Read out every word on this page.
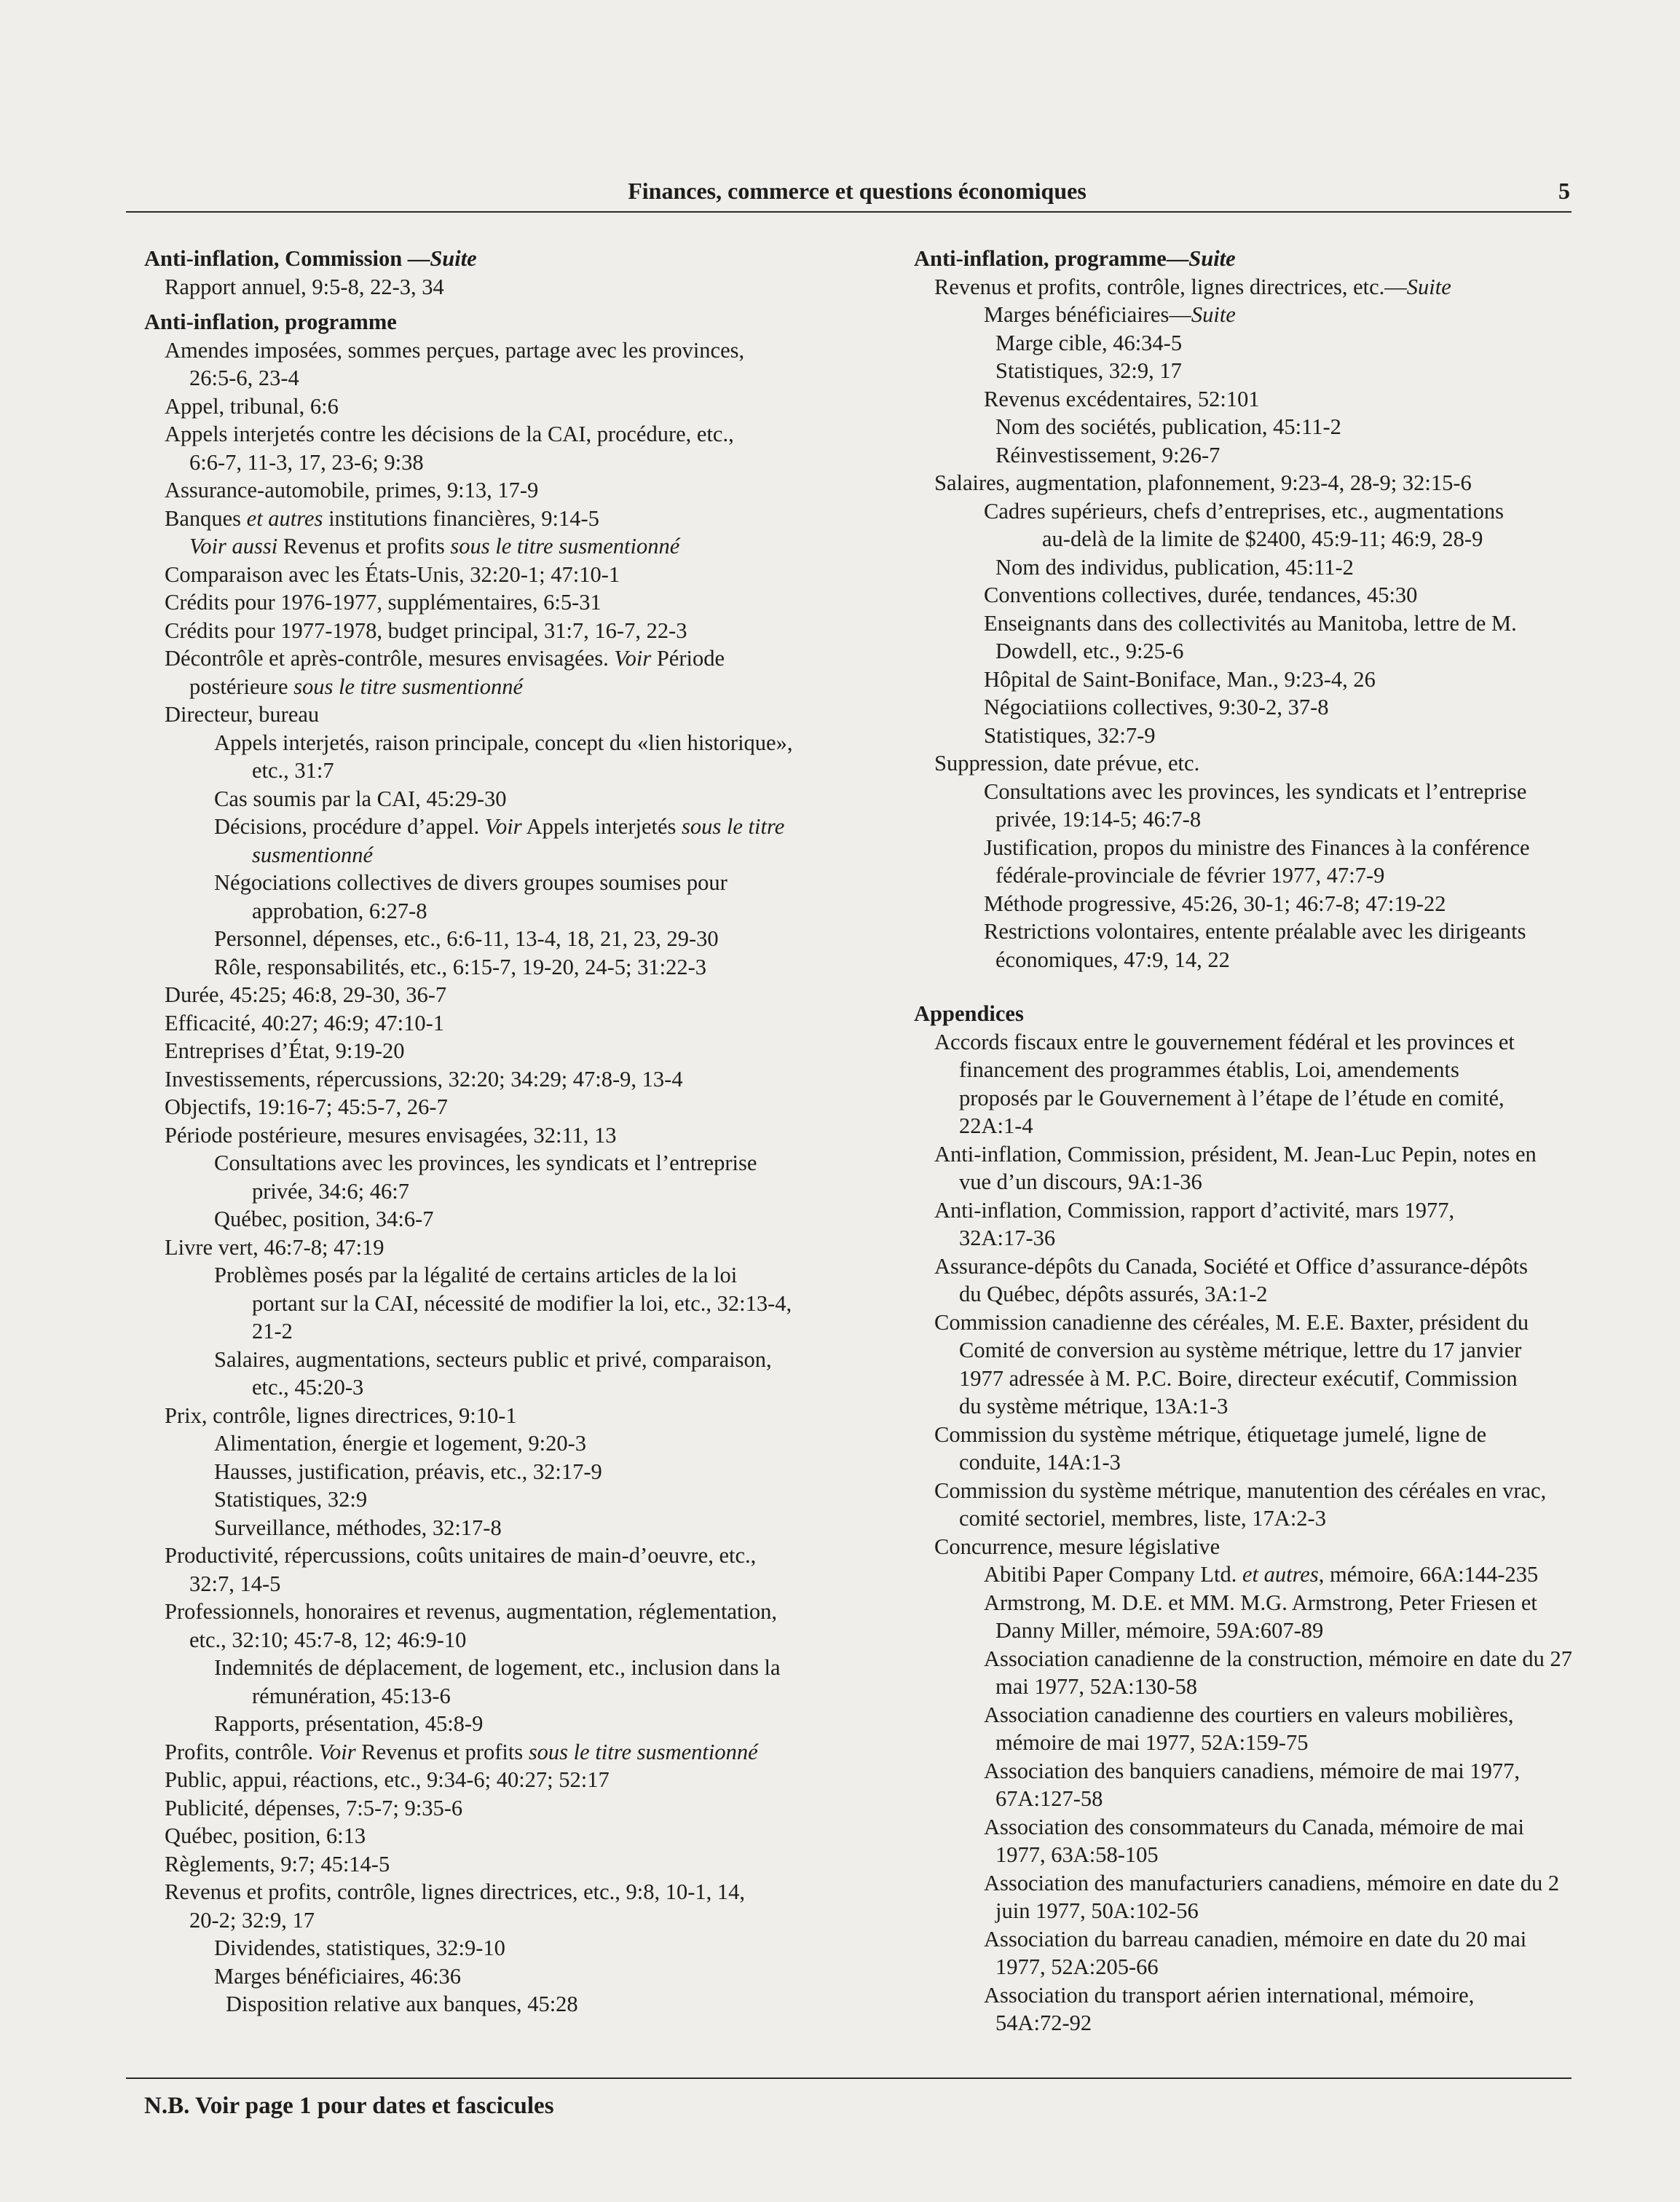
Finances, commerce et questions économiques	5
Anti-inflation, Commission —Suite
Rapport annuel, 9:5-8, 22-3, 34
Anti-inflation, programme
Amendes imposées, sommes perçues, partage avec les provinces,
26:5-6, 23-4
Appel, tribunal, 6:6
Appels interjetés contre les décisions de la CAI, procédure, etc.,
6:6-7, 11-3, 17, 23-6; 9:38
Assurance-automobile, primes, 9:13, 17-9
Banques et autres institutions financières, 9:14-5
Voir aussi Revenus et profits sous le titre susmentionné
Comparaison avec les États-Unis, 32:20-1; 47:10-1
Crédits pour 1976-1977, supplémentaires, 6:5-31
Crédits pour 1977-1978, budget principal, 31:7, 16-7, 22-3
Décontrôle et après-contrôle, mesures envisagées. Voir Période
postérieure sous le titre susmentionné
Directeur, bureau
Appels interjetés, raison principale, concept du «lien historique»,
etc., 31:7
Cas soumis par la CAI, 45:29-30
Décisions, procédure d’appel. Voir Appels interjetés sous le titre
susmentionné
Négociations collectives de divers groupes soumises pour
approbation, 6:27-8
Personnel, dépenses, etc., 6:6-11, 13-4, 18, 21, 23, 29-30
Rôle, responsabilités, etc., 6:15-7, 19-20, 24-5; 31:22-3
Durée, 45:25; 46:8, 29-30, 36-7
Efficacité, 40:27; 46:9; 47:10-1
Entreprises d’État, 9:19-20
Investissements, répercussions, 32:20; 34:29; 47:8-9, 13-4
Objectifs, 19:16-7; 45:5-7, 26-7
Période postérieure, mesures envisagées, 32:11, 13
Consultations avec les provinces, les syndicats et l’entreprise
privée, 34:6; 46:7
Québec, position, 34:6-7
Livre vert, 46:7-8; 47:19
Problèmes posés par la légalité de certains articles de la loi
portant sur la CAI, nécessité de modifier la loi, etc., 32:13-4,
21-2
Salaires, augmentations, secteurs public et privé, comparaison,
etc., 45:20-3
Prix, contrôle, lignes directrices, 9:10-1
Alimentation, énergie et logement, 9:20-3
Hausses, justification, préavis, etc., 32:17-9
Statistiques, 32:9
Surveillance, méthodes, 32:17-8
Productivité, répercussions, coûts unitaires de main-d’oeuvre, etc.,
32:7, 14-5
Professionnels, honoraires et revenus, augmentation, réglementation,
etc., 32:10; 45:7-8, 12; 46:9-10
Indemnités de déplacement, de logement, etc., inclusion dans la
rémunération, 45:13-6
Rapports, présentation, 45:8-9
Profits, contrôle. Voir Revenus et profits sous le titre susmentionné
Public, appui, réactions, etc., 9:34-6; 40:27; 52:17
Publicité, dépenses, 7:5-7; 9:35-6
Québec, position, 6:13
Règlements, 9:7; 45:14-5
Revenus et profits, contrôle, lignes directrices, etc., 9:8, 10-1, 14,
20-2; 32:9, 17
Dividendes, statistiques, 32:9-10
Marges bénéficiaires, 46:36
Disposition relative aux banques, 45:28
Anti-inflation, programme—Suite
Revenus et profits, contrôle, lignes directrices, etc.—Suite
Marges bénéficiaires—Suite
Marge cible, 46:34-5
Statistiques, 32:9, 17
Revenus excédentaires, 52:101
Nom des sociétés, publication, 45:11-2
Réinvestissement, 9:26-7
Salaires, augmentation, plafonnement, 9:23-4, 28-9; 32:15-6
Cadres supérieurs, chefs d’entreprises, etc., augmentations
au-delà de la limite de $2400, 45:9-11; 46:9, 28-9
Nom des individus, publication, 45:11-2
Conventions collectives, durée, tendances, 45:30
Enseignants dans des collectivités au Manitoba, lettre de M.
Dowdell, etc., 9:25-6
Hôpital de Saint-Boniface, Man., 9:23-4, 26
Négociatiions collectives, 9:30-2, 37-8
Statistiques, 32:7-9
Suppression, date prévue, etc.
Consultations avec les provinces, les syndicats et l’entreprise
privée, 19:14-5; 46:7-8
Justification, propos du ministre des Finances à la conférence
fédérale-provinciale de février 1977, 47:7-9
Méthode progressive, 45:26, 30-1; 46:7-8; 47:19-22
Restrictions volontaires, entente préalable avec les dirigeants
économiques, 47:9, 14, 22
Appendices
Accords fiscaux entre le gouvernement fédéral et les provinces et
financement des programmes établis, Loi, amendements
proposés par le Gouvernement à l’étape de l’étude en comité,
22A:1-4
Anti-inflation, Commission, président, M. Jean-Luc Pepin, notes en
vue d’un discours, 9A:1-36
Anti-inflation, Commission, rapport d’activité, mars 1977,
32A:17-36
Assurance-dépôts du Canada, Société et Office d’assurance-dépôts
du Québec, dépôts assurés, 3A:1-2
Commission canadienne des céréales, M. E.E. Baxter, président du
Comité de conversion au système métrique, lettre du 17 janvier
1977 adressée à M. P.C. Boire, directeur exécutif, Commission
du système métrique, 13A:1-3
Commission du système métrique, étiquetage jumelé, ligne de
conduite, 14A:1-3
Commission du système métrique, manutention des céréales en vrac,
comité sectoriel, membres, liste, 17A:2-3
Concurrence, mesure législative
Abitibi Paper Company Ltd. et autres, mémoire, 66A:144-235
Armstrong, M. D.E. et MM. M.G. Armstrong, Peter Friesen et
Danny Miller, mémoire, 59A:607-89
Association canadienne de la construction, mémoire en date du 27
mai 1977, 52A:130-58
Association canadienne des courtiers en valeurs mobilières,
mémoire de mai 1977, 52A:159-75
Association des banquiers canadiens, mémoire de mai 1977,
67A:127-58
Association des consommateurs du Canada, mémoire de mai
1977, 63A:58-105
Association des manufacturiers canadiens, mémoire en date du 2
juin 1977, 50A:102-56
Association du barreau canadien, mémoire en date du 20 mai
1977, 52A:205-66
Association du transport aérien international, mémoire,
54A:72-92
N.B. Voir page 1 pour dates et fascicules
